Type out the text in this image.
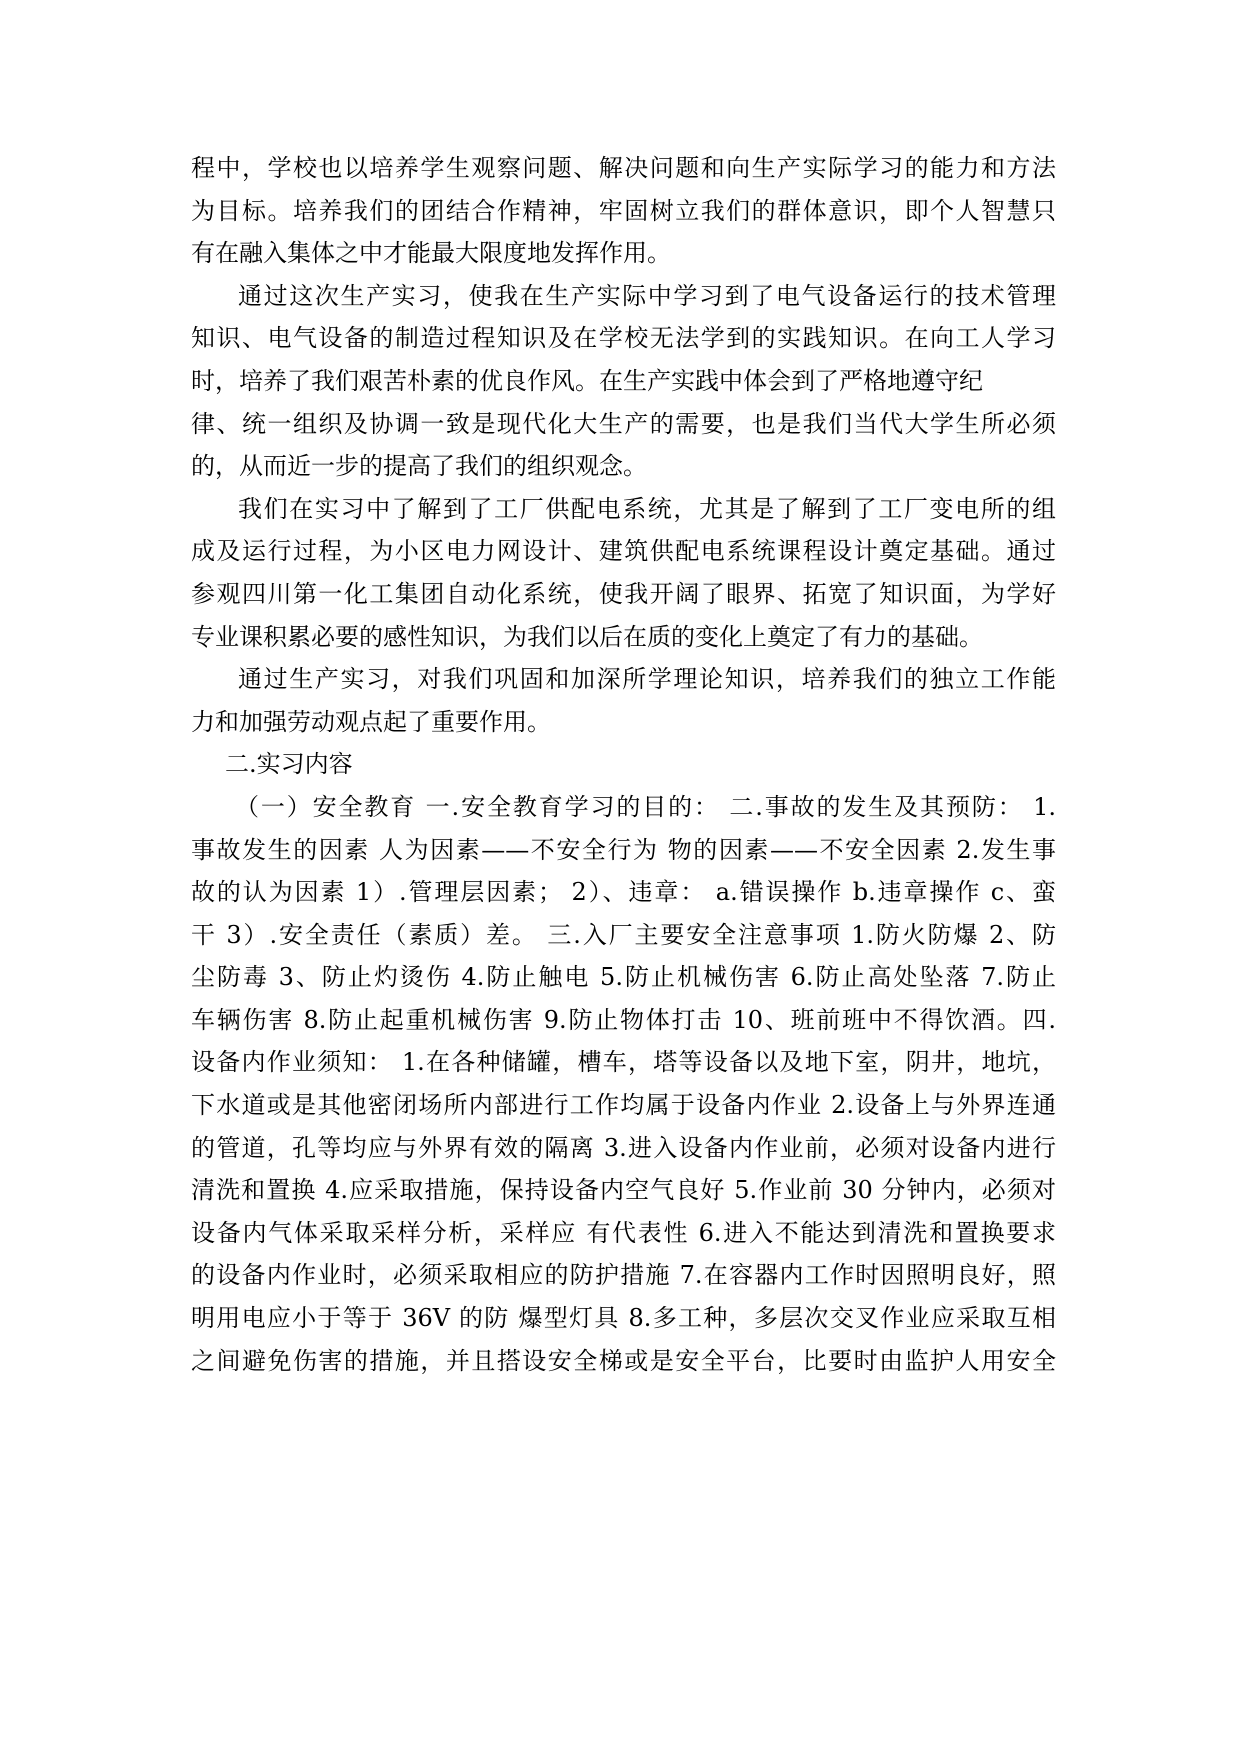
程中，学校也以培养学生观察问题、解决问题和向生产实际学习的能力和方法
为目标。培养我们的团结合作精神，牢固树立我们的群体意识，即个人智慧只
有在融入集体之中才能最大限度地发挥作用。
通过这次生产实习，使我在生产实际中学习到了电气设备运行的技术管理
知识、电气设备的制造过程知识及在学校无法学到的实践知识。在向工人学习
时，培养了我们艰苦朴素的优良作风。在生产实践中体会到了严格地遵守纪
律、统一组织及协调一致是现代化大生产的需要，也是我们当代大学生所必须
的，从而近一步的提高了我们的组织观念。
我们在实习中了解到了工厂供配电系统，尤其是了解到了工厂变电所的组
成及运行过程，为小区电力网设计、建筑供配电系统课程设计奠定基础。通过
参观四川第一化工集团自动化系统，使我开阔了眼界、拓宽了知识面，为学好
专业课积累必要的感性知识，为我们以后在质的变化上奠定了有力的基础。
通过生产实习，对我们巩固和加深所学理论知识，培养我们的独立工作能
力和加强劳动观点起了重要作用。
二.实习内容
（一）安全教育 一.安全教育学习的目的： 二.事故的发生及其预防： 1.
事故发生的因素 人为因素——不安全行为 物的因素——不安全因素 2.发生事
故的认为因素 1）.管理层因素； 2）、违章： a.错误操作 b.违章操作 c、蛮
干 3）.安全责任（素质）差。 三.入厂主要安全注意事项 1.防火防爆 2、防
尘防毒 3、防止灼烫伤 4.防止触电 5.防止机械伤害 6.防止高处坠落 7.防止
车辆伤害 8.防止起重机械伤害 9.防止物体打击 10、班前班中不得饮酒。四.
设备内作业须知： 1.在各种储罐，槽车，塔等设备以及地下室，阴井，地坑，
下水道或是其他密闭场所内部进行工作均属于设备内作业 2.设备上与外界连通
的管道，孔等均应与外界有效的隔离 3.进入设备内作业前，必须对设备内进行
清洗和置换 4.应采取措施，保持设备内空气良好 5.作业前 30 分钟内，必须对
设备内气体采取采样分析，采样应 有代表性 6.进入不能达到清洗和置换要求
的设备内作业时，必须采取相应的防护措施 7.在容器内工作时因照明良好，照
明用电应小于等于 36V 的防 爆型灯具 8.多工种，多层次交叉作业应采取互相
之间避免伤害的措施，并且搭设安全梯或是安全平台，比要时由监护人用安全
